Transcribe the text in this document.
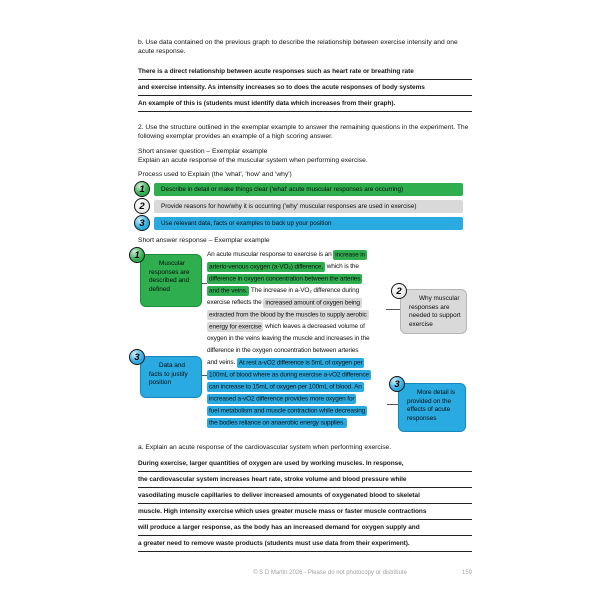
b. Use data contained on the previous graph to describe the relationship between exercise intensity and one acute response.
There is a direct relationship between acute responses such as heart rate or breathing rate
and exercise intensity. As intensity increases so to does the acute responses of body systems
An example of this is (students must identify data which increases from their graph).
2. Use the structure outlined in the exemplar example to answer the remaining questions in the experiment. The following exemplar provides an example of a high scoring answer.
Short answer question – Exemplar example
Explain an acute response of the muscular system when performing exercise.
Process used to Explain (the 'what', 'how' and 'why')
1	Describe in detail or make things clear ('what' acute muscular responses are occurring)
2	Provide reasons for how/why it is occurring ('why' muscular responses are used in exercise)
3	Use relevant data, facts or examples to back up your position
Short answer response – Exemplar example
An acute muscular response to exercise is an increase in
arterio-venous oxygen (a-VO₂) difference, which is the
difference in oxygen concentration between the arteries
and the veins. The increase in a-VO₂ difference during
exercise reflects the increased amount of oxygen being
extracted from the blood by the muscles to supply aerobic
energy for exercise which leaves a decreased volume of
oxygen in the veins leaving the muscle and increases in the
difference in the oxygen concentration between arteries
and veins. At rest a-vO2 difference is 5mL of oxygen per
100mL of blood where as during exercise a-vO2 difference
can increase to 15mL of oxygen per 100mL of blood. An
increased a-vO2 difference provides more oxygen for
fuel metabolism and muscle contraction while decreasing
the bodies reliance on anaerobic energy supplies.
1
Muscular responses are described and defined	2
Why muscular responses are needed to support exercise
3
Data and facts to justify position	3
More detail is provided on the effects of acute responses
a. Explain an acute response of the cardiovascular system when performing exercise.
During exercise, larger quantities of oxygen are used by working muscles. In response,
the cardiovascular system increases heart rate, stroke volume and blood pressure while
vasodilating muscle capillaries to deliver increased amounts of oxygenated blood to skeletal
muscle. High intensity exercise which uses greater muscle mass or faster muscle contractions
will produce a larger response, as the body has an increased demand for oxygen supply and
a greater need to remove waste products (students must use data from their experiment).
© S D Martin 2026 - Please do not photocopy or distribute	159
